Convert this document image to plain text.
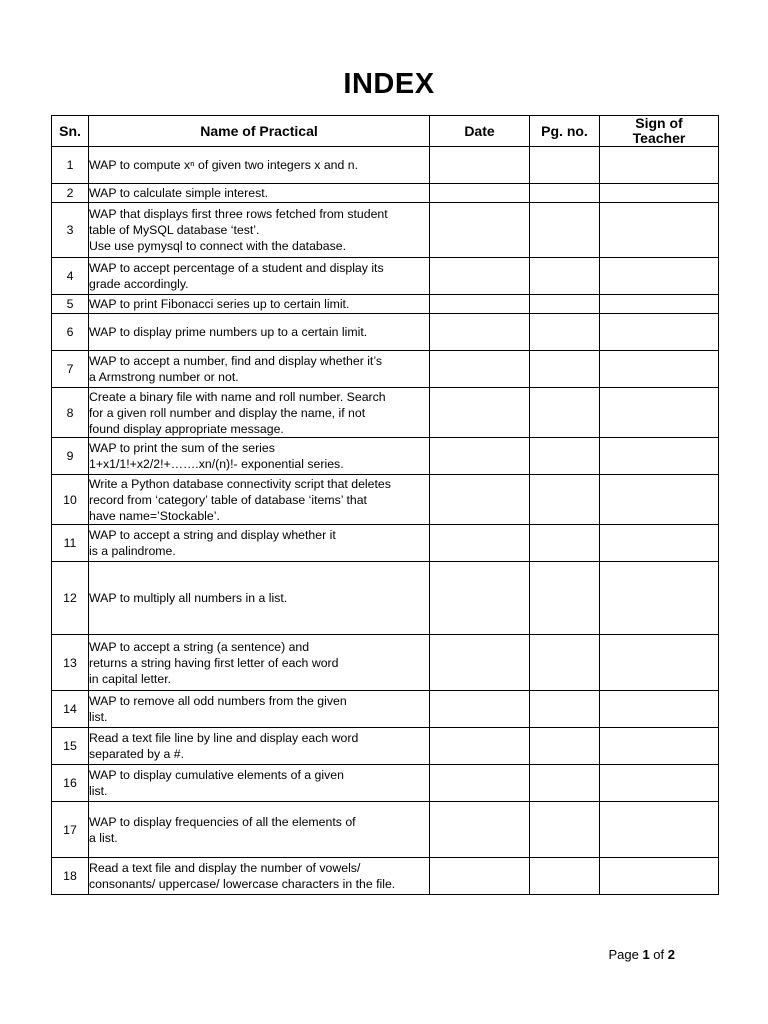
INDEX
Sn.	Name of Practical	Date	Pg. no.	Sign of
Teacher

1	WAP to compute xⁿ of given two integers x and n.			

2	WAP to calculate simple interest.			

3	WAP that displays first three rows fetched from student
table of MySQL database ‘test’.
Use use pymysql to connect with the database.			

4	WAP to accept percentage of a student and display its
grade accordingly.			

5	WAP to print Fibonacci series up to certain limit.			

6	WAP to display prime numbers up to a certain limit.			

7	WAP to accept a number, find and display whether it’s
a Armstrong number or not.			

8	Create a binary file with name and roll number. Search
for a given roll number and display the name, if not
found display appropriate message.			

9	WAP to print the sum of the series
1+x1/1!+x2/2!+…….xn/(n)!- exponential series.			

10	Write a Python database connectivity script that deletes
record from ‘category’ table of database ‘items’ that
have name=’Stockable’.			

11	WAP to accept a string and display whether it
is a palindrome.			

12	WAP to multiply all numbers in a list.			

13	WAP to accept a string (a sentence) and
returns a string having first letter of each word
in capital letter.			

14	WAP to remove all odd numbers from the given
list.			

15	Read a text file line by line and display each word
separated by a #.			

16	WAP to display cumulative elements of a given
list.			

17	WAP to display frequencies of all the elements of
a list.			

18	Read a text file and display the number of vowels/
consonants/ uppercase/ lowercase characters in the file.			

Page 1 of 2
